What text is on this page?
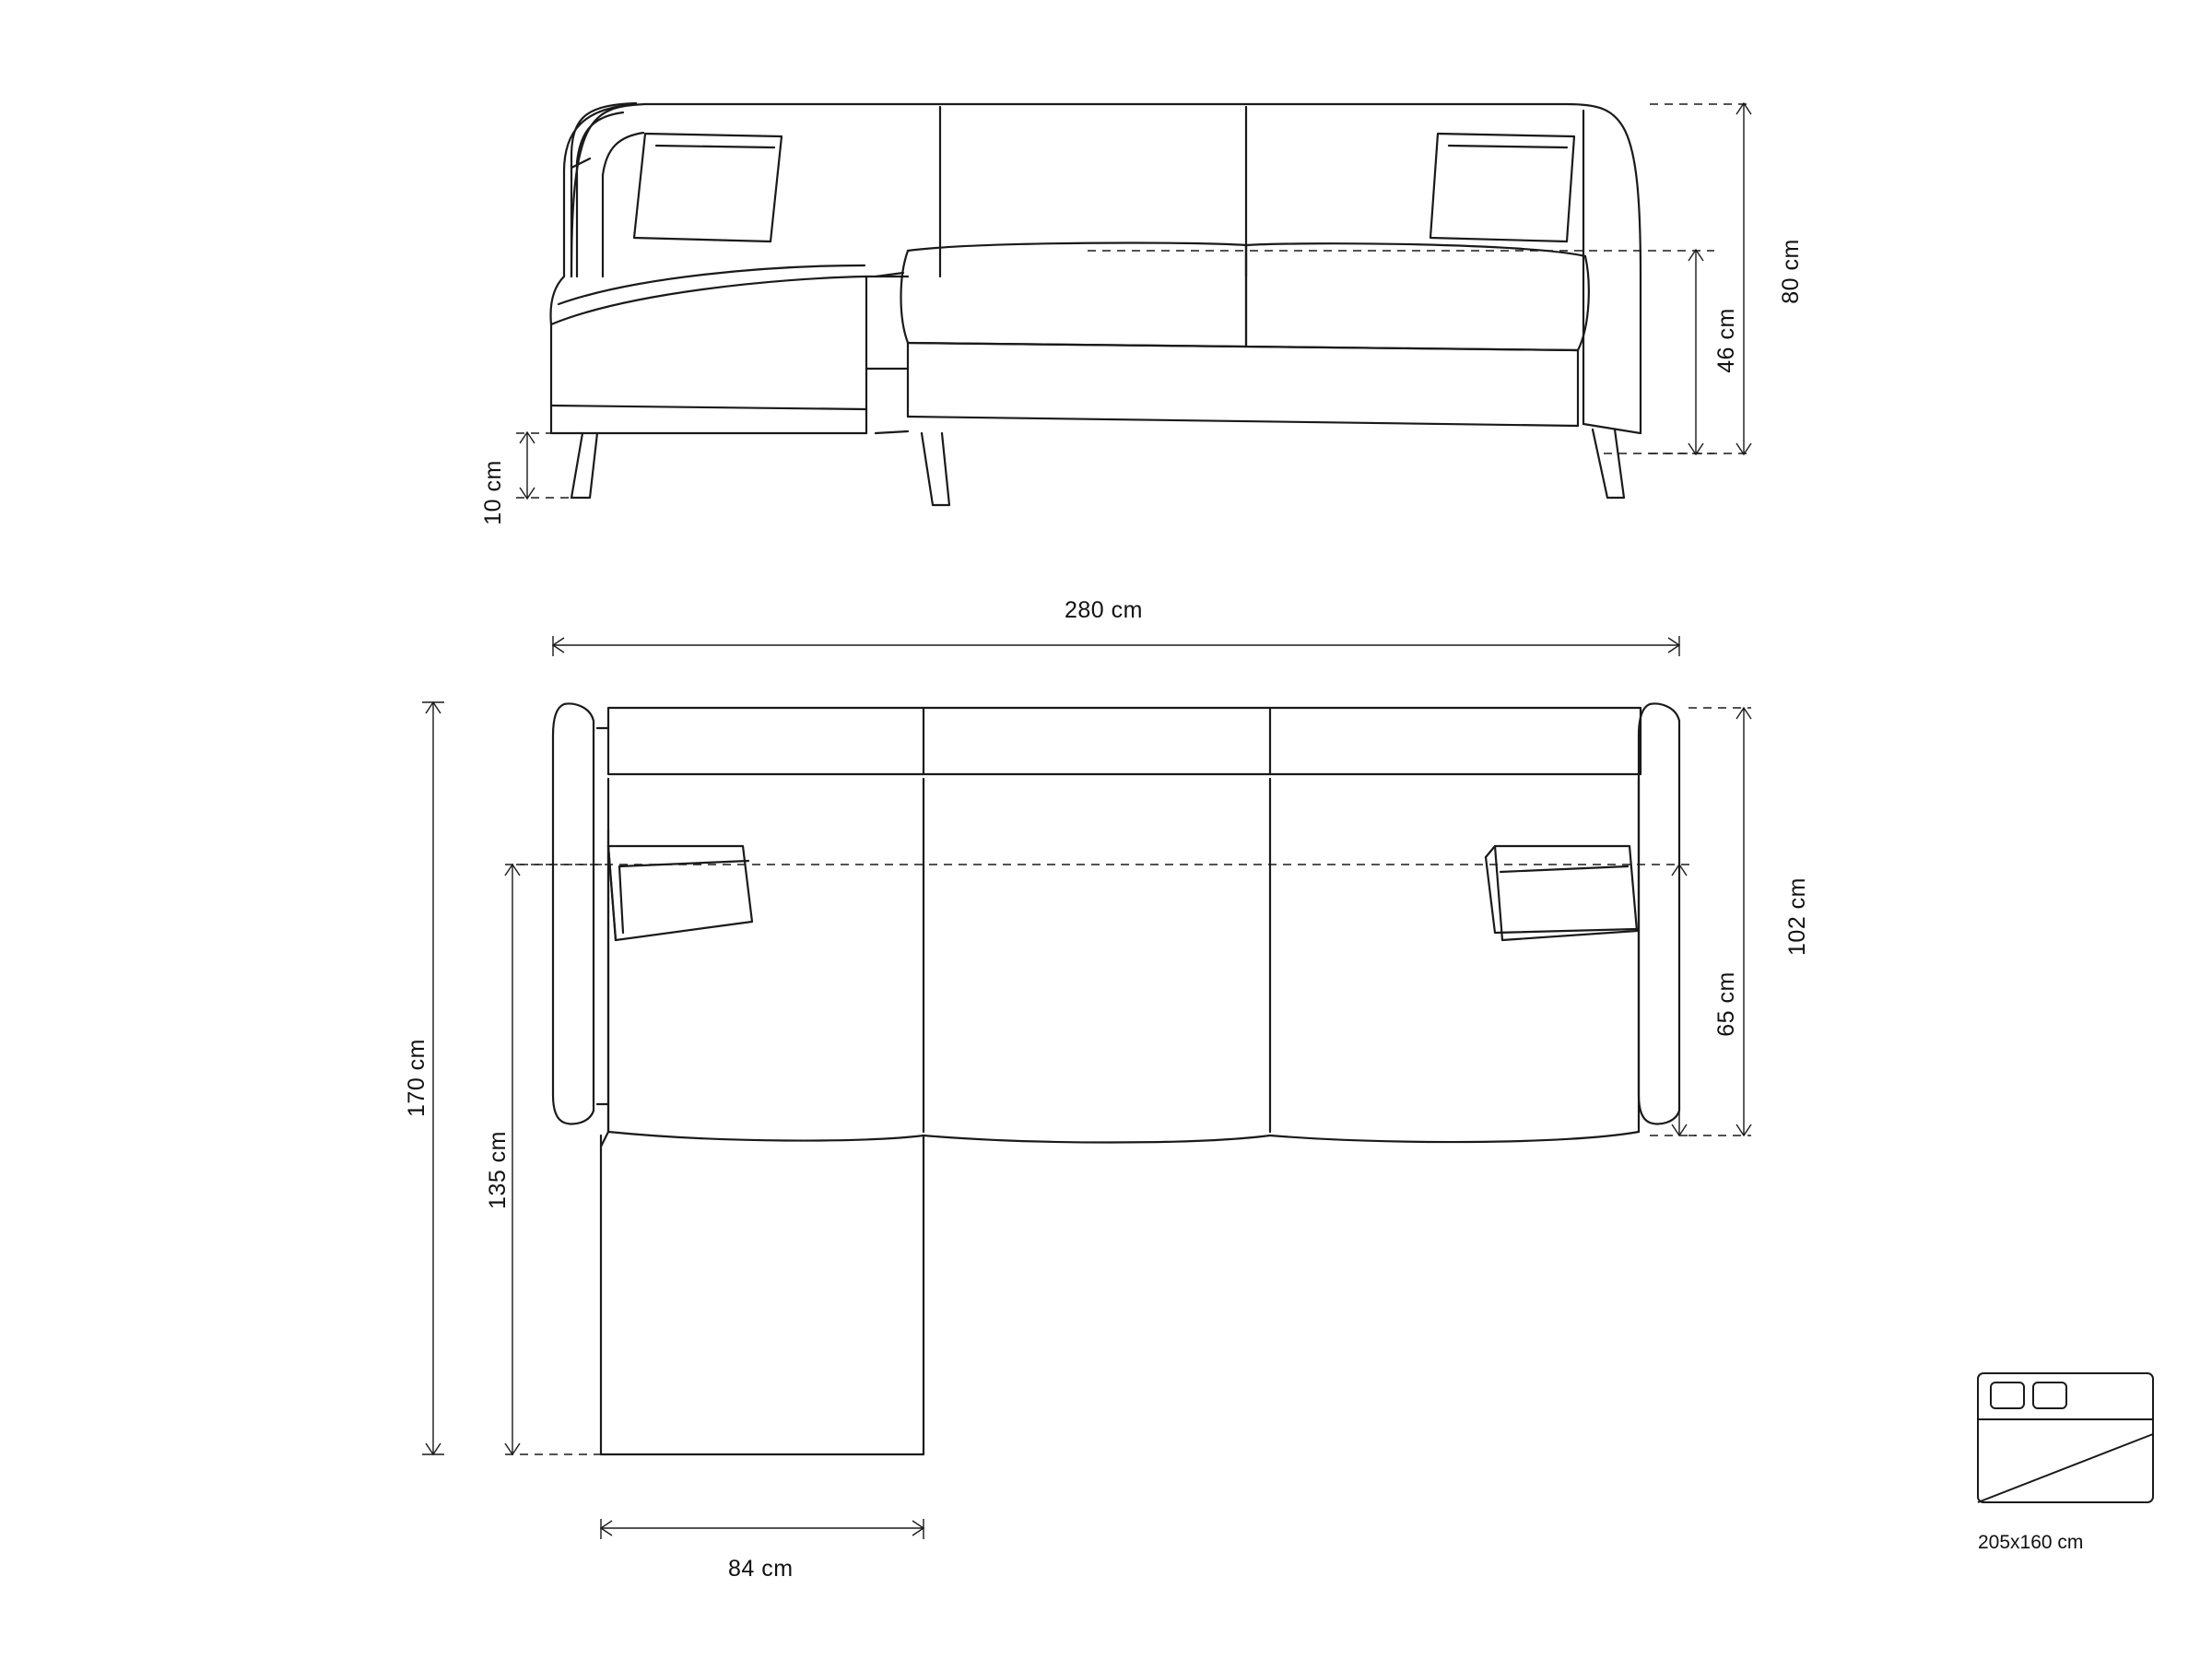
80 cm
46 cm
10 cm
280 cm
170 cm
135 cm
102 cm
65 cm
84 cm
205x160 cm
